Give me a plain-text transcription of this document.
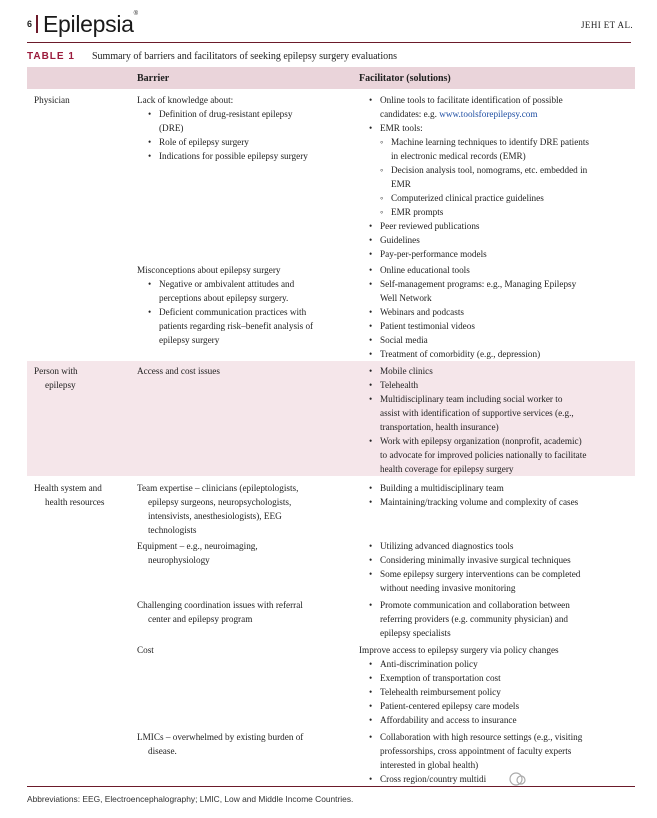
6 Epilepsia®
JEHI ET AL.
TABLE 1 Summary of barriers and facilitators of seeking epilepsy surgery evaluations
Barrier	Facilitator (solutions)
Physician	Lack of knowledge about:
• Definition of drug-resistant epilepsy
(DRE)
• Role of epilepsy surgery
• Indications for possible epilepsy surgery
• Online tools to facilitate identification of possible
candidates: e.g. www.toolsforepilepsy.com
• EMR tools:
◦ Machine learning techniques to identify DRE patients
in electronic medical records (EMR)
◦ Decision analysis tool, nomograms, etc. embedded in
EMR
◦ Computerized clinical practice guidelines
◦ EMR prompts
• Peer reviewed publications
• Guidelines
• Pay-per-performance models
Misconceptions about epilepsy surgery
• Negative or ambivalent attitudes and
perceptions about epilepsy surgery.
• Deficient communication practices with
patients regarding risk–benefit analysis of
epilepsy surgery
• Online educational tools
• Self-management programs: e.g., Managing Epilepsy
Well Network
• Webinars and podcasts
• Patient testimonial videos
• Social media
• Treatment of comorbidity (e.g., depression)
Person with
epilepsy
Access and cost issues
•	Mobile clinics
• Telehealth
• Multidisciplinary team including social worker to
assist with identification of supportive services (e.g.,
transportation, health insurance)
• Work with epilepsy organization (nonprofit, academic)
to advocate for improved policies nationally to facilitate
health coverage for epilepsy surgery
Health system and
health resources
Team expertise – clinicians (epileptologists,
epilepsy surgeons, neuropsychologists,
intensivists, anesthesiologists), EEG
technologists
• Building a multidisciplinary team
• Maintaining/tracking volume and complexity of cases
Equipment – e.g., neuroimaging,
neurophysiology
• Utilizing advanced diagnostics tools
• Considering minimally invasive surgical techniques
• Some epilepsy surgery interventions can be completed
without needing invasive monitoring
Challenging coordination issues with referral
center and epilepsy program
• Promote communication and collaboration between
referring providers (e.g. community physician) and
epilepsy specialists
Cost	Improve access to epilepsy surgery via policy changes
• Anti-discrimination policy
• Exemption of transportation cost
• Telehealth reimbursement policy
• Patient-centered epilepsy care models
• Affordability and access to insurance
LMICs – overwhelmed by existing burden of
disease.
• Collaboration with high resource settings (e.g., visiting
professorships, cross appointment of faculty experts
interested in global health)
• Cross region/country multidi
Abbreviations: EEG, Electroencephalography; LMIC, Low and Middle Income Countries.
